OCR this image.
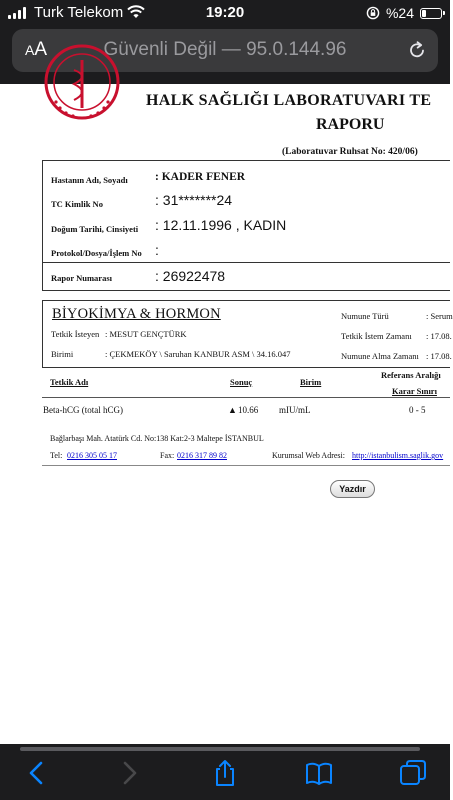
Turk Telekom	19:20	%24
AA	Güvenli Değil — 95.0.144.96
HALK SAĞLIĞI LABORATUVARI TE
RAPORU
(Laboratuvar Ruhsat No: 420/06)
Hastanın Adı, Soyadı : KADER FENER
TC Kimlik No	: 31*******24
Doğum Tarihi, Cinsiyeti : 12.11.1996 , KADIN
Protokol/Dosya/İşlem No :
Rapor Numarası	: 26922478
BİYOKİMYA & HORMON
Tetkik İsteyen : MESUT GENÇTÜRK
Birimi	: ÇEKMEKÖY \ Saruhan KANBUR ASM \ 34.16.047
Numune Türü	: Serum
Tetkik İstem Zamanı : 17.08.
Numune Alma Zamanı : 17.08.
Tetkik Adı	Sonuç	Birim
Referans Aralığı
Karar Sınırı
Beta-hCG (total hCG)	▲ 10.66 mIU/mL	0 - 5
Bağlarbaşı Mah. Atatürk Cd. No:138 Kat:2-3 Maltepe İSTANBUL
Tel: 0216 305 05 17	Fax: 0216 317 89 82	Kurumsal Web Adresi: http://istanbulism.saglik.gov
Yazdır
